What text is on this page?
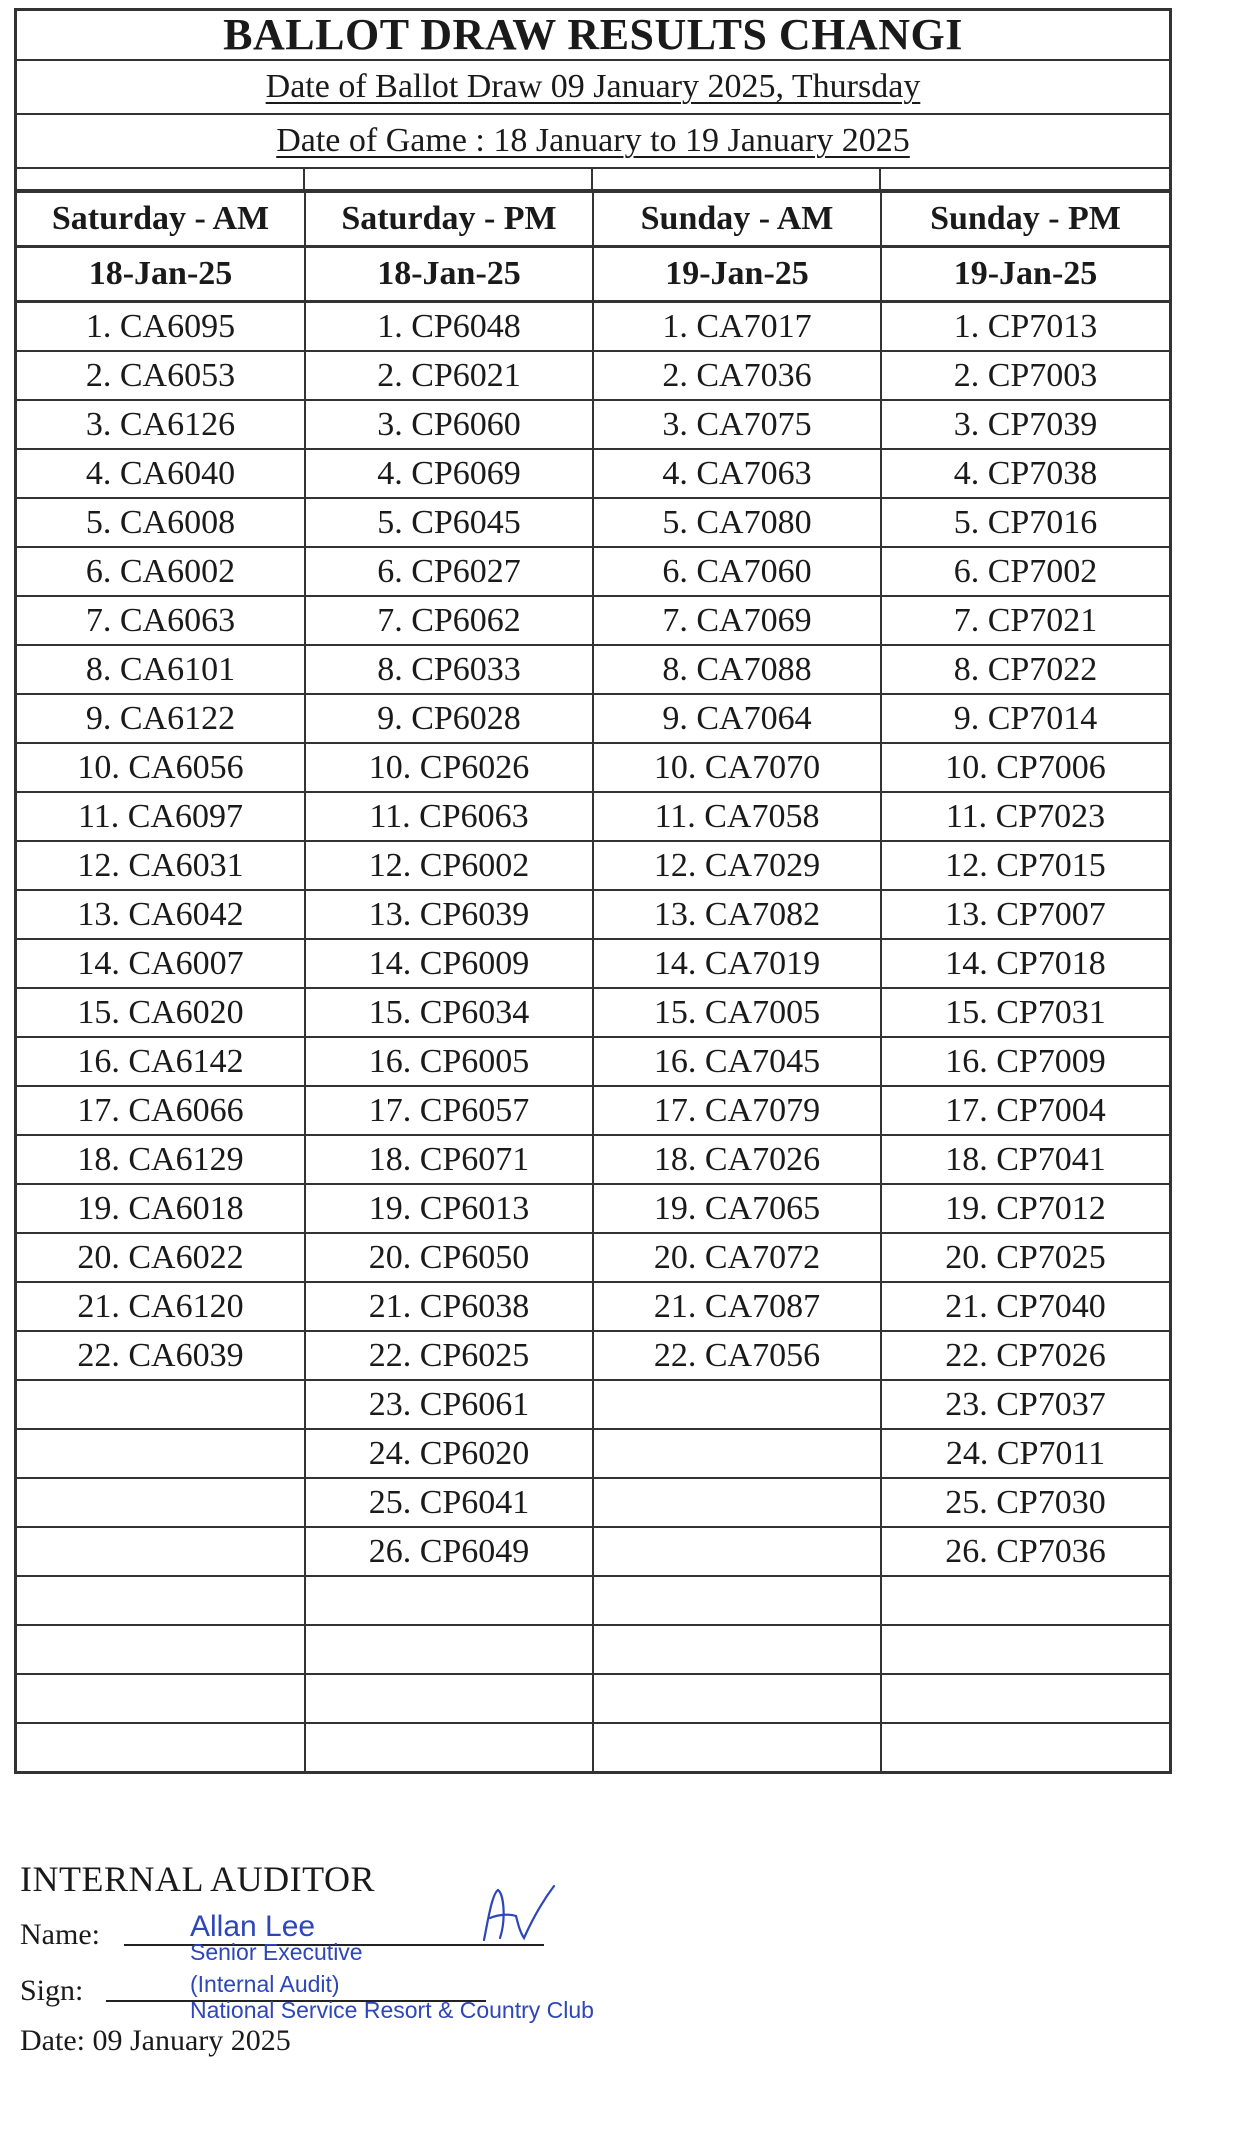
BALLOT DRAW RESULTS CHANGI
Date of Ballot Draw 09 January 2025, Thursday
Date of Game : 18 January to 19 January 2025
Saturday - AM	Saturday - PM	Sunday - AM	Sunday - PM
18-Jan-25	18-Jan-25	19-Jan-25	19-Jan-25
1. CA6095	1. CP6048	1. CA7017	1. CP7013
2. CA6053	2. CP6021	2. CA7036	2. CP7003
3. CA6126	3. CP6060	3. CA7075	3. CP7039
4. CA6040	4. CP6069	4. CA7063	4. CP7038
5. CA6008	5. CP6045	5. CA7080	5. CP7016
6. CA6002	6. CP6027	6. CA7060	6. CP7002
7. CA6063	7. CP6062	7. CA7069	7. CP7021
8. CA6101	8. CP6033	8. CA7088	8. CP7022
9. CA6122	9. CP6028	9. CA7064	9. CP7014
10. CA6056	10. CP6026	10. CA7070	10. CP7006
11. CA6097	11. CP6063	11. CA7058	11. CP7023
12. CA6031	12. CP6002	12. CA7029	12. CP7015
13. CA6042	13. CP6039	13. CA7082	13. CP7007
14. CA6007	14. CP6009	14. CA7019	14. CP7018
15. CA6020	15. CP6034	15. CA7005	15. CP7031
16. CA6142	16. CP6005	16. CA7045	16. CP7009
17. CA6066	17. CP6057	17. CA7079	17. CP7004
18. CA6129	18. CP6071	18. CA7026	18. CP7041
19. CA6018	19. CP6013	19. CA7065	19. CP7012
20. CA6022	20. CP6050	20. CA7072	20. CP7025
21. CA6120	21. CP6038	21. CA7087	21. CP7040
22. CA6039	22. CP6025	22. CA7056	22. CP7026
	23. CP6061		23. CP7037
	24. CP6020		24. CP7011
	25. CP6041		25. CP7030
	26. CP6049		26. CP7036

INTERNAL AUDITOR
Name:	Allan Lee
Senior Executive
Sign:	(Internal Audit)
National Service Resort & Country Club
Date: 09 January 2025
